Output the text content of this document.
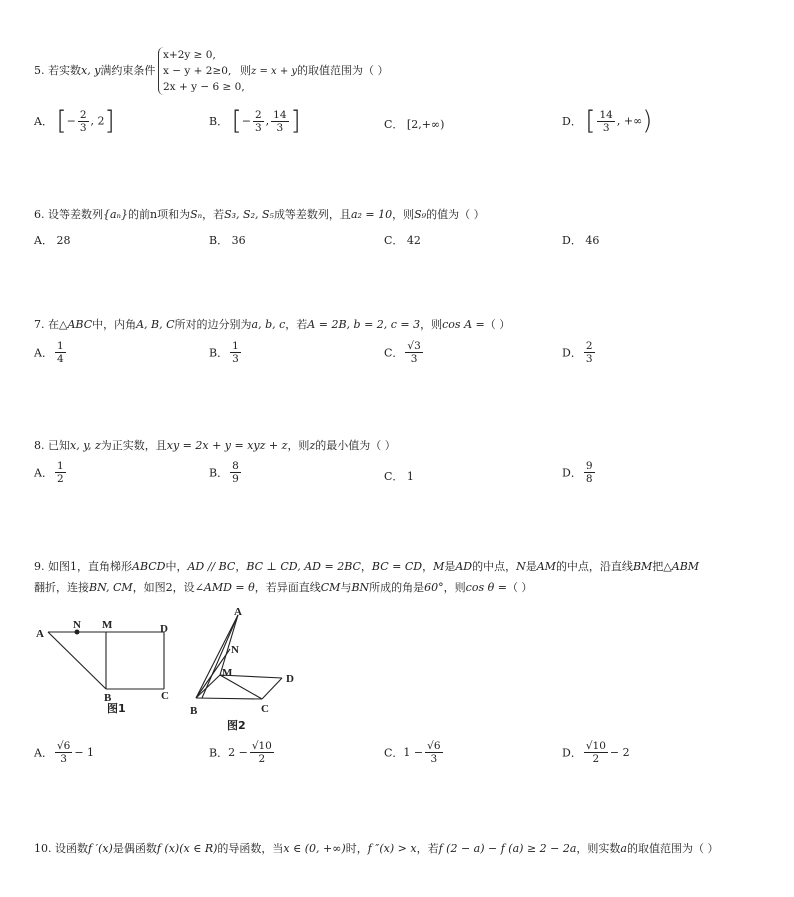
5. 若实数x, y满约束条件
x+2y ≥ 0,
x − y + 2≥0,
2x + y − 6 ≥ 0,
则z = x + y的取值范围为（ ）
A． [− $\frac{2}{3}$ , 2]	B． [− $\frac{2}{3}$ , $\frac{14}{3}$ ]	C． [2,+∞)	D． [ $\frac{14}{3}$ , +∞)
6. 设等差数列{aₙ}的前n项和为Sₙ，若S₃, S₂, S₅成等差数列，且a₂ = 10，则S₉的值为（ ）
A． 28	B． 36	C． 42	D． 46
7. 在△ABC中，内角A, B, C所对的边分别为a, b, c，若A = 2B, b = 2, c = 3，则cos A =（ ）
A． $\frac{1}{4}$	B． $\frac{1}{3}$	C． $\frac{√3}{3}$	D． $\frac{2}{3}$
8. 已知x, y, z为正实数，且xy = 2x + y = xyz + z，则z的最小值为（ ）
A． $\frac{1}{2}$	B． $\frac{8}{9}$	C． 1	D． $\frac{9}{8}$
9. 如图1，直角梯形ABCD中，AD // BC，BC ⊥ CD, AD = 2BC，BC = CD，M是AD的中点，N是AM的中点，沿直线BM把△ABM
翻折，连接BN, CM，如图2，设∠AMD = θ，若异面直线CM与BN所成的角是60°，则cos θ =（ ）
A
N M	D
B	C
图1
A
N
M	D
B	C
图2
A． $\frac{√6}{3} - 1$	B．$2 - \frac{√10}{2}$	C．$1 - \frac{√6}{3}$	D． $\frac{√10}{2} - 2$
10. 设函数f ′(x)是偶函数f (x)(x ∈ R)的导函数，当x ∈ (0, +∞)时，f ″(x) > x，若f (2 − a) − f (a) ≥ 2 − 2a，则实数a的取值范围为（ ）
